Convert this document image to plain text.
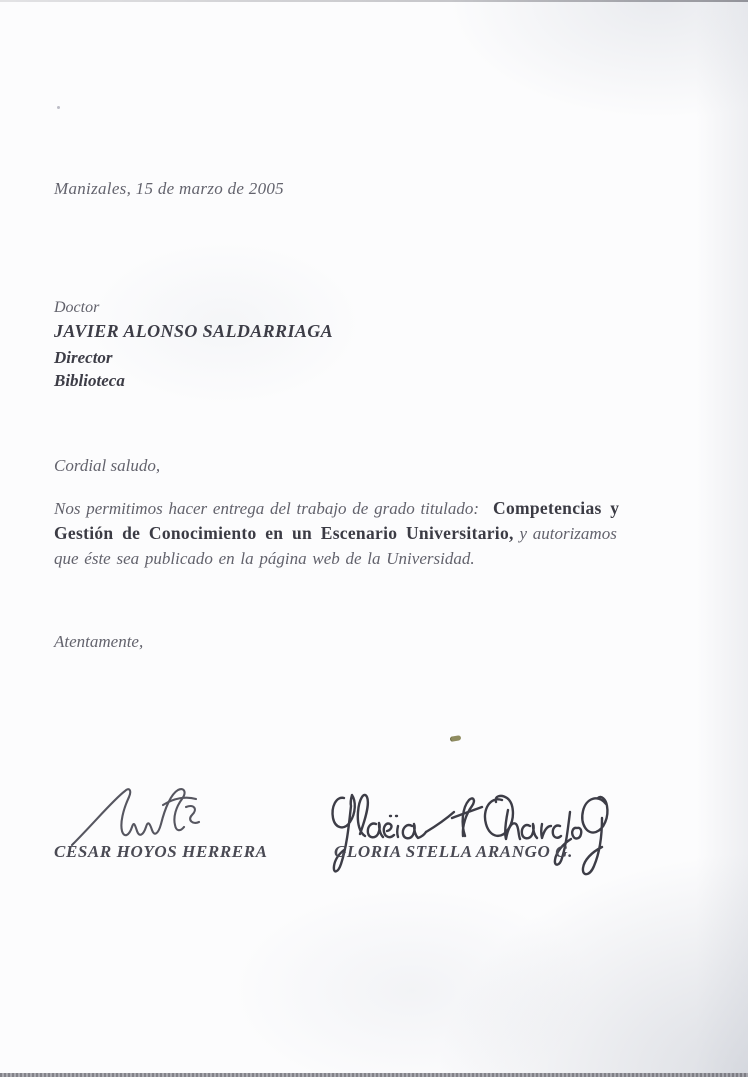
Manizales, 15 de marzo de 2005
Doctor
JAVIER ALONSO SALDARRIAGA
Director
Biblioteca
Cordial saludo,
Nos permitimos hacer entrega del trabajo de grado titulado: Competencias y
Gestión de Conocimiento en un Escenario Universitario, y autorizamos
que éste sea publicado en la página web de la Universidad.
Atentamente,
CÉSAR HOYOS HERRERA	GLORIA STELLA ARANGO G.
